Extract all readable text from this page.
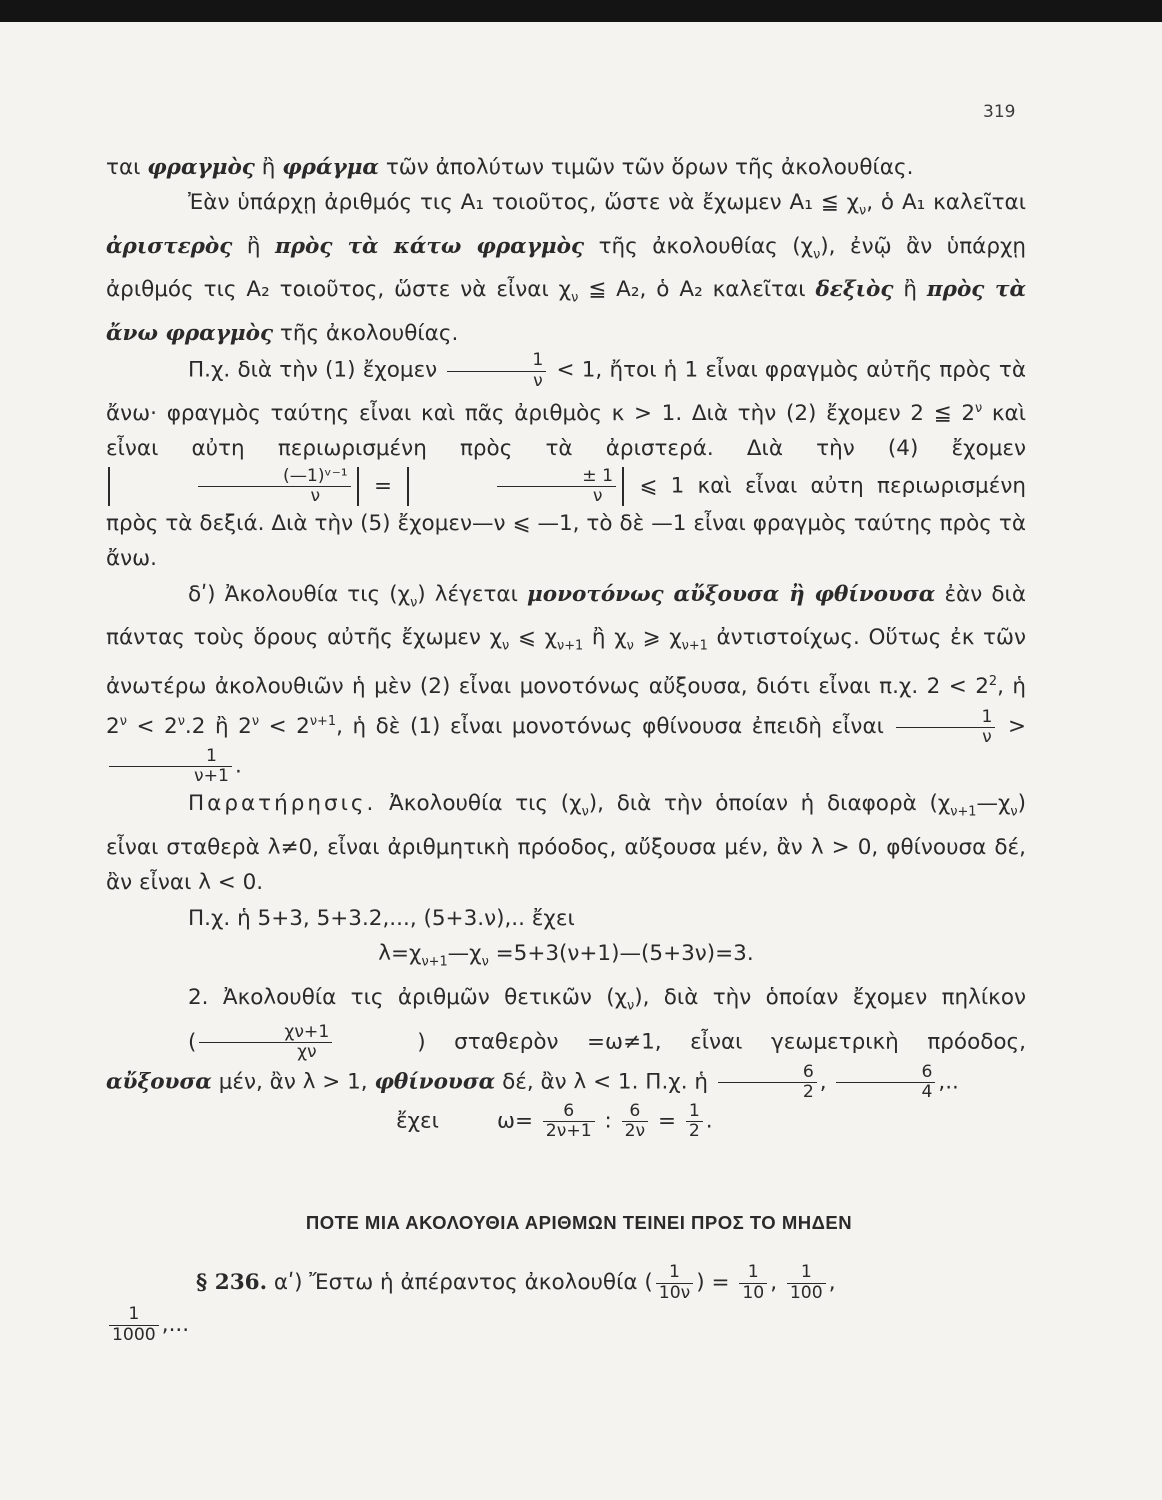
319

ται φραγμὸς ἢ φράγμα τῶν ἀπολύτων τιμῶν τῶν ὅρων τῆς ἀκολουθίας.

Ἐὰν ὑπάρχῃ ἀριθμός τις Α₁ τοιοῦτος, ὥστε νὰ ἔχωμεν Α₁ ≦ $\chi_\nu$, ὁ Α₁ καλεῖται ἀριστερὸς ἢ πρὸς τὰ κάτω φραγμὸς τῆς ἀκολουθίας $(\chi_\nu)$, ἐνῷ ἂν ὑπάρχῃ ἀριθμός τις Α₂ τοιοῦτος, ὥστε νὰ εἶναι $\chi_\nu$ ≦ Α₂, ὁ Α₂ καλεῖται δεξιὸς ἢ πρὸς τὰ ἄνω φραγμὸς τῆς ἀκολουθίας.

Π.χ. διὰ τὴν (1) ἔχομεν $\frac{1}{\nu} < 1$, ἤτοι ἡ 1 εἶναι φραγμὸς αὐτῆς πρὸς τὰ ἄνω· φραγμὸς ταύτης εἶναι καὶ πᾶς ἀριθμὸς κ > 1. Διὰ τὴν (2) ἔχομεν 2 ≦ $2^\nu$ καὶ εἶναι αὐτη περιωρισμένη πρὸς τὰ ἀριστερά. Διὰ τὴν (4) ἔχομεν
$\frac{\text{(—1)ᵛ⁻¹}}{\nu}$ =	$\frac{\pm 1}{\nu}$ ⩽ 1 καὶ εἶναι αὐτη περιωρισμένη πρὸς τὰ δεξιά. Διὰ τὴν (5) ἔχομεν—ν ⩽ —1, τὸ δὲ —1 εἶναι φραγμὸς ταύτης πρὸς τὰ ἄνω.

δʹ) Ἀκολουθία τις $(\chi_\nu)$ λέγεται μονοτόνως αὔξουσα ἢ φθίνουσα ἐὰν διὰ πάντας τοὺς ὅρους αὐτῆς ἔχωμεν $\chi_\nu$ ⩽ $\chi_{\nu+1}$ ἢ $\chi_\nu$ ⩾ $\chi_{\nu+1}$ ἀντιστοίχως. Οὕτως ἐκ τῶν ἀνωτέρω ἀκολουθιῶν ἡ μὲν (2) εἶναι μονοτόνως αὔξουσα, διότι εἶναι π.χ. $2 < 2^2$, ἡ $2^\nu < 2^\nu.2$ ἢ $2^\nu < 2^{\nu+1}$, ἡ δὲ (1) εἶναι μονοτόνως φθίνουσα ἐπειδὴ εἶναι $\frac{1}{\nu}$ >
$\frac{1}{\nu+1}$ .

Παρατήρησις. Ἀκολουθία τις $(\chi_\nu)$, διὰ τὴν ὁποίαν ἡ διαφορὰ $(\chi_{\nu+1}—\chi_\nu)$ εἶναι σταθερὰ λ≠0, εἶναι ἀριθμητικὴ πρόοδος, αὔξουσα μέν, ἂν λ > 0, φθίνουσα δέ, ἂν εἶναι λ < 0.

Π.χ. ἡ 5+3, 5+3.2,..., (5+3.ν),.. ἔχει

$\lambda=\chi_{\nu+1}—\chi_\nu$ =5+3(ν+1)—(5+3ν)=3.

2. Ἀκολουθία τις ἀριθμῶν θετικῶν $(\chi_\nu)$, διὰ τὴν ὁποίαν ἔχομεν πηλίκον ( $\frac{\chi\nu+1}{\chi\nu}$	) σταθερὸν =ω≠1, εἶναι γεωμετρικὴ πρόοδος, αὔξουσα μέν, ἂν λ > 1, φθίνουσα δέ, ἂν λ < 1. Π.χ. ἡ $\frac{6}{2}$ , $\frac{6}{4}$ ,..

ἔχει	$\omega= \frac{6}{2\nu+1}$ : $\frac{6}{2\nu} = \frac{1}{2}$ .

ΠΟΤΕ ΜΙΑ ΑΚΟΛΟΥΘΙΑ ΑΡΙΘΜΩΝ ΤΕΙΝΕΙ ΠΡΟΣ ΤΟ ΜΗΔΕΝ

§ 236. αʹ) Ἔστω ἡ ἀπέραντος ἀκολουθία ( $\frac{1}{10\nu}$ ) = $\frac{1}{10}$ , $\frac{1}{100}$ ,

$\frac{1}{1000}$ ,...
